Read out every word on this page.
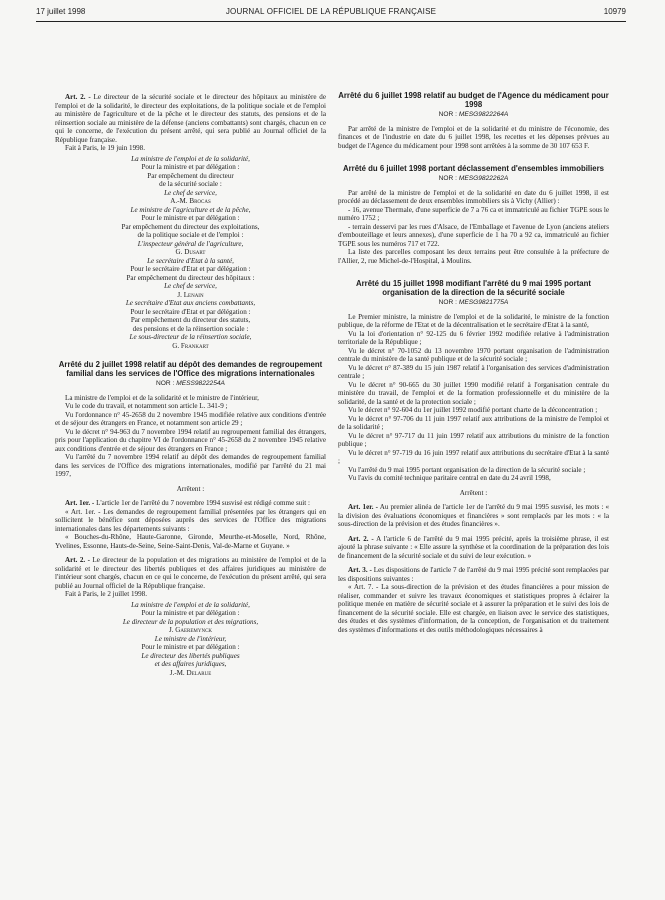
17 juillet 1998	JOURNAL OFFICIEL DE LA RÉPUBLIQUE FRANÇAISE	10979

Art. 2. - Le directeur de la sécurité sociale et le directeur des hôpitaux au ministère de l'emploi et de la solidarité, le directeur des exploitations, de la politique sociale et de l'emploi au ministère de l'agriculture et de la pêche et le directeur des statuts, des pensions et de la réinsertion sociale au ministère de la défense (anciens combattants) sont chargés, chacun en ce qui le concerne, de l'exécution du présent arrêté, qui sera publié au Journal officiel de la République française.

Fait à Paris, le 19 juin 1998.

La ministre de l'emploi et de la solidarité,

Pour la ministre et par délégation :

Par empêchement du directeur

de la sécurité sociale :

Le chef de service,

A.-M. Brocas

Le ministre de l'agriculture et de la pêche,

Pour le ministre et par délégation :

Par empêchement du directeur des exploitations,

de la politique sociale et de l'emploi :

L'inspecteur général de l'agriculture,

G. Dusart

Le secrétaire d'Etat à la santé,

Pour le secrétaire d'Etat et par délégation :

Par empêchement du directeur des hôpitaux :

Le chef de service,

J. Lenain

Le secrétaire d'Etat aux anciens combattants,

Pour le secrétaire d'Etat et par délégation :

Par empêchement du directeur des statuts,

des pensions et de la réinsertion sociale :

Le sous-directeur de la réinsertion sociale,

G. Frankart

Arrêté du 2 juillet 1998 relatif au dépôt des demandes de regroupement familial dans les services de l'Office des migrations internationales
NOR : MESS9822254A

La ministre de l'emploi et de la solidarité et le ministre de l'intérieur,

Vu le code du travail, et notamment son article L. 341-9 ;

Vu l'ordonnance n° 45-2658 du 2 novembre 1945 modifiée relative aux conditions d'entrée et de séjour des étrangers en France, et notamment son article 29 ;

Vu le décret n° 94-963 du 7 novembre 1994 relatif au regroupement familial des étrangers, pris pour l'application du chapitre VI de l'ordonnance n° 45-2658 du 2 novembre 1945 relative aux conditions d'entrée et de séjour des étrangers en France ;

Vu l'arrêté du 7 novembre 1994 relatif au dépôt des demandes de regroupement familial dans les services de l'Office des migrations internationales, modifié par l'arrêté du 21 mai 1997,

Arrêtent :

Art. 1er. - L'article 1er de l'arrêté du 7 novembre 1994 susvisé est rédigé comme suit :

« Art. 1er. - Les demandes de regroupement familial présentées par les étrangers qui en sollicitent le bénéfice sont déposées auprès des services de l'Office des migrations internationales dans les départements suivants :

« Bouches-du-Rhône, Haute-Garonne, Gironde, Meurthe-et-Moselle, Nord, Rhône, Yvelines, Essonne, Hauts-de-Seine, Seine-Saint-Denis, Val-de-Marne et Guyane. »

Art. 2. - Le directeur de la population et des migrations au ministère de l'emploi et de la solidarité et le directeur des libertés publiques et des affaires juridiques au ministère de l'intérieur sont chargés, chacun en ce qui le concerne, de l'exécution du présent arrêté, qui sera publié au Journal officiel de la République française.

Fait à Paris, le 2 juillet 1998.

La ministre de l'emploi et de la solidarité,

Pour la ministre et par délégation :

Le directeur de la population et des migrations,

J. Gaeremynck

Le ministre de l'intérieur,

Pour le ministre et par délégation :

Le directeur des libertés publiques

et des affaires juridiques,

J.-M. Delarue

Arrêté du 6 juillet 1998 relatif au budget de l'Agence du médicament pour 1998
NOR : MESG9822264A

Par arrêté de la ministre de l'emploi et de la solidarité et du ministre de l'économie, des finances et de l'industrie en date du 6 juillet 1998, les recettes et les dépenses prévues au budget de l'Agence du médicament pour 1998 sont arrêtées à la somme de 30 107 653 F.

Arrêté du 6 juillet 1998 portant déclassement d'ensembles immobiliers
NOR : MESG9822262A

Par arrêté de la ministre de l'emploi et de la solidarité en date du 6 juillet 1998, il est procédé au déclassement de deux ensembles immobiliers sis à Vichy (Allier) :

- 16, avenue Thermale, d'une superficie de 7 a 76 ca et immatriculé au fichier TGPE sous le numéro 1752 ;

- terrain desservi par les rues d'Alsace, de l'Emballage et l'avenue de Lyon (anciens ateliers d'embouteillage et leurs annexes), d'une superficie de 1 ha 70 a 92 ca, immatriculé au fichier TGPE sous les numéros 717 et 722.

La liste des parcelles composant les deux terrains peut être consultée à la préfecture de l'Allier, 2, rue Michel-de-l'Hospital, à Moulins.

Arrêté du 15 juillet 1998 modifiant l'arrêté du 9 mai 1995 portant organisation de la direction de la sécurité sociale
NOR : MESG9821775A

Le Premier ministre, la ministre de l'emploi et de la solidarité, le ministre de la fonction publique, de la réforme de l'Etat et de la décentralisation et le secrétaire d'Etat à la santé,

Vu la loi d'orientation n° 92-125 du 6 février 1992 modifiée relative à l'administration territoriale de la République ;

Vu le décret n° 70-1052 du 13 novembre 1970 portant organisation de l'administration centrale du ministère de la santé publique et de la sécurité sociale ;

Vu le décret n° 87-389 du 15 juin 1987 relatif à l'organisation des services d'administration centrale ;

Vu le décret n° 90-665 du 30 juillet 1990 modifié relatif à l'organisation centrale du ministère du travail, de l'emploi et de la formation professionnelle et du ministère de la solidarité, de la santé et de la protection sociale ;

Vu le décret n° 92-604 du 1er juillet 1992 modifié portant charte de la déconcentration ;

Vu le décret n° 97-706 du 11 juin 1997 relatif aux attributions de la ministre de l'emploi et de la solidarité ;

Vu le décret n° 97-717 du 11 juin 1997 relatif aux attributions du ministre de la fonction publique ;

Vu le décret n° 97-719 du 16 juin 1997 relatif aux attributions du secrétaire d'Etat à la santé ;

Vu l'arrêté du 9 mai 1995 portant organisation de la direction de la sécurité sociale ;

Vu l'avis du comité technique paritaire central en date du 24 avril 1998,

Arrêtent :

Art. 1er. - Au premier alinéa de l'article 1er de l'arrêté du 9 mai 1995 susvisé, les mots : « la division des évaluations économiques et financières » sont remplacés par les mots : « la sous-direction de la prévision et des études financières ».

Art. 2. - A l'article 6 de l'arrêté du 9 mai 1995 précité, après la troisième phrase, il est ajouté la phrase suivante : « Elle assure la synthèse et la coordination de la préparation des lois de financement de la sécurité sociale et du suivi de leur exécution. »

Art. 3. - Les dispositions de l'article 7 de l'arrêté du 9 mai 1995 précité sont remplacées par les dispositions suivantes :

« Art. 7. - La sous-direction de la prévision et des études financières a pour mission de réaliser, commander et suivre les travaux économiques et statistiques propres à éclairer la politique menée en matière de sécurité sociale et à assurer la préparation et le suivi des lois de financement de la sécurité sociale. Elle est chargée, en liaison avec le service des statistiques, des études et des systèmes d'information, de la conception, de l'organisation et du traitement des systèmes d'informations et des outils méthodologiques nécessaires à
